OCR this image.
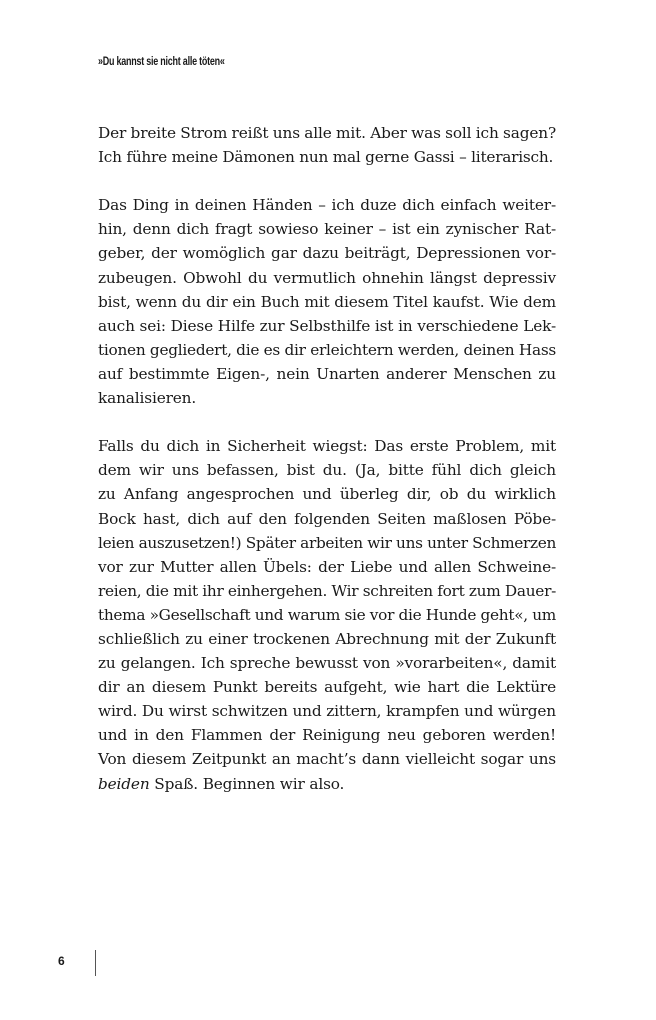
»Du kannst sie nicht alle töten«

Der breite Strom reißt uns alle mit. Aber was soll ich sagen?
Ich führe meine Dämonen nun mal gerne Gassi – literarisch.

Das Ding in deinen Händen – ich duze dich einfach weiter-
hin, denn dich fragt sowieso keiner – ist ein zynischer Rat-
geber, der womöglich gar dazu beiträgt, Depressionen vor-
zubeugen. Obwohl du vermutlich ohnehin längst depressiv
bist, wenn du dir ein Buch mit diesem Titel kaufst. Wie dem
auch sei: Diese Hilfe zur Selbsthilfe ist in verschiedene Lek-
tionen gegliedert, die es dir erleichtern werden, deinen Hass
auf bestimmte Eigen-, nein Unarten anderer Menschen zu
kanalisieren.

Falls du dich in Sicherheit wiegst: Das erste Problem, mit
dem wir uns befassen, bist du. (Ja, bitte fühl dich gleich
zu Anfang angesprochen und überleg dir, ob du wirklich
Bock hast, dich auf den folgenden Seiten maßlosen Pöbe-
leien auszusetzen!) Später arbeiten wir uns unter Schmerzen
vor zur Mutter allen Übels: der Liebe und allen Schweine-
reien, die mit ihr einhergehen. Wir schreiten fort zum Dauer-
thema »Gesellschaft und warum sie vor die Hunde geht«, um
schließlich zu einer trockenen Abrechnung mit der Zukunft
zu gelangen. Ich spreche bewusst von »vorarbeiten«, damit
dir an diesem Punkt bereits aufgeht, wie hart die Lektüre
wird. Du wirst schwitzen und zittern, krampfen und würgen
und in den Flammen der Reinigung neu geboren werden!
Von diesem Zeitpunkt an macht’s dann vielleicht sogar uns
beiden Spaß. Beginnen wir also.

6
